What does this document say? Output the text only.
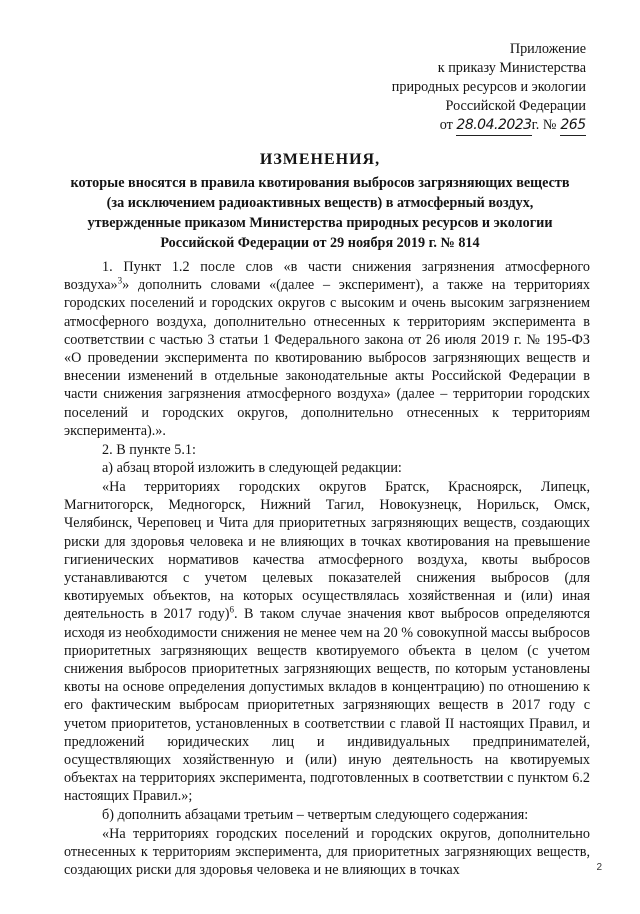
Приложение
к приказу Министерства
природных ресурсов и экологии
Российской Федерации
от 28.04.2023г. № 265
ИЗМЕНЕНИЯ,
которые вносятся в правила квотирования выбросов загрязняющих веществ
(за исключением радиоактивных веществ) в атмосферный воздух,
утвержденные приказом Министерства природных ресурсов и экологии
Российской Федерации от 29 ноября 2019 г. № 814

1. Пункт 1.2 после слов «в части снижения загрязнения атмосферного воздуха»$^3$» дополнить словами «(далее – эксперимент), а также на территориях городских поселений и городских округов с высоким и очень высоким загрязнением атмосферного воздуха, дополнительно отнесенных к территориям эксперимента в соответствии с частью 3 статьи 1 Федерального закона от 26 июля 2019 г. № 195-ФЗ «О проведении эксперимента по квотированию выбросов загрязняющих веществ и внесении изменений в отдельные законодательные акты Российской Федерации в части снижения загрязнения атмосферного воздуха» (далее – территории городских поселений и городских округов, дополнительно отнесенных к территориям эксперимента).».

2. В пункте 5.1:

а) абзац второй изложить в следующей редакции:

«На территориях городских округов Братск, Красноярск, Липецк, Магнитогорск, Медногорск, Нижний Тагил, Новокузнецк, Норильск, Омск, Челябинск, Череповец и Чита для приоритетных загрязняющих веществ, создающих риски для здоровья человека и не влияющих в точках квотирования на превышение гигиенических нормативов качества атмосферного воздуха, квоты выбросов устанавливаются с учетом целевых показателей снижения выбросов (для квотируемых объектов, на которых осуществлялась хозяйственная и (или) иная деятельность в 2017 году)$^6$. В таком случае значения квот выбросов определяются исходя из необходимости снижения не менее чем на 20 % совокупной массы выбросов приоритетных загрязняющих веществ квотируемого объекта в целом (с учетом снижения выбросов приоритетных загрязняющих веществ, по которым установлены квоты на основе определения допустимых вкладов в концентрацию) по отношению к его фактическим выбросам приоритетных загрязняющих веществ в 2017 году с учетом приоритетов, установленных в соответствии с главой II настоящих Правил, и предложений юридических лиц и индивидуальных предпринимателей, осуществляющих хозяйственную и (или) иную деятельность на квотируемых объектах на территориях эксперимента, подготовленных в соответствии с пунктом 6.2 настоящих Правил.»;

б) дополнить абзацами третьим – четвертым следующего содержания:

«На территориях городских поселений и городских округов, дополнительно отнесенных к территориям эксперимента, для приоритетных загрязняющих веществ, создающих риски для здоровья человека и не влияющих в точках	2
